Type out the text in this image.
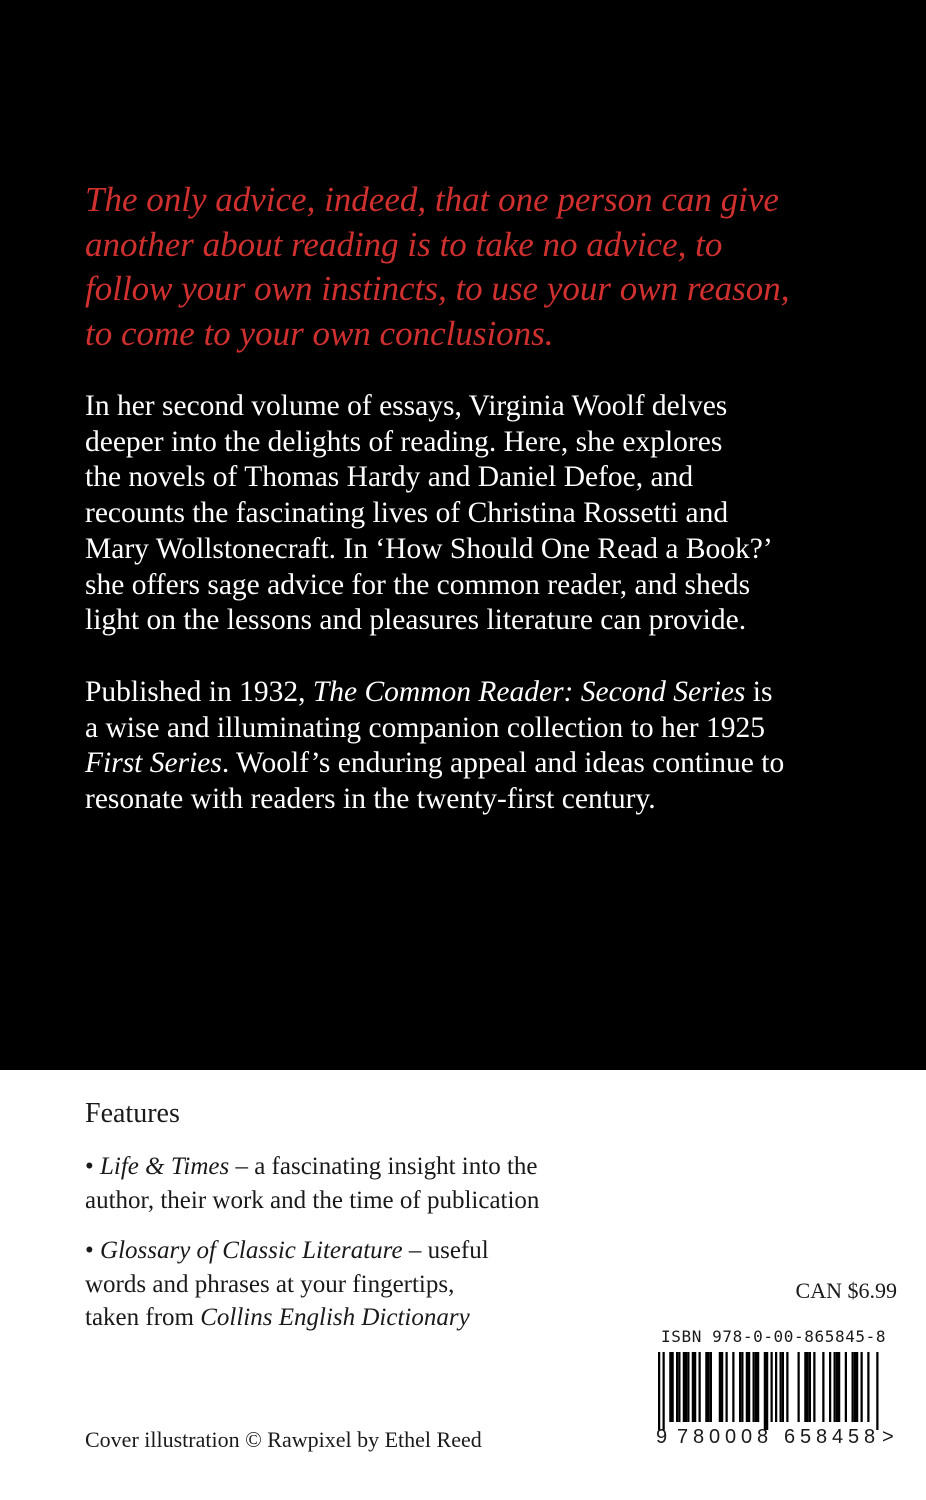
The only advice, indeed, that one person can give
another about reading is to take no advice, to
follow your own instincts, to use your own reason,
to come to your own conclusions.

In her second volume of essays, Virginia Woolf delves
deeper into the delights of reading. Here, she explores
the novels of Thomas Hardy and Daniel Defoe, and
recounts the fascinating lives of Christina Rossetti and
Mary Wollstonecraft. In ‘How Should One Read a Book?’
she offers sage advice for the common reader, and sheds
light on the lessons and pleasures literature can provide.

Published in 1932, The Common Reader: Second Series is
a wise and illuminating companion collection to her 1925
First Series. Woolf’s enduring appeal and ideas continue to
resonate with readers in the twenty-first century.

Features

• Life & Times – a fascinating insight into the
author, their work and the time of publication

• Glossary of Classic Literature – useful
words and phrases at your fingertips,
taken from Collins English Dictionary

Cover illustration © Rawpixel by Ethel Reed

CAN $6.99

ISBN 978-0-00-865845-8

9 7 8 0 0 0 8 6 5 8 4 5 8 >
